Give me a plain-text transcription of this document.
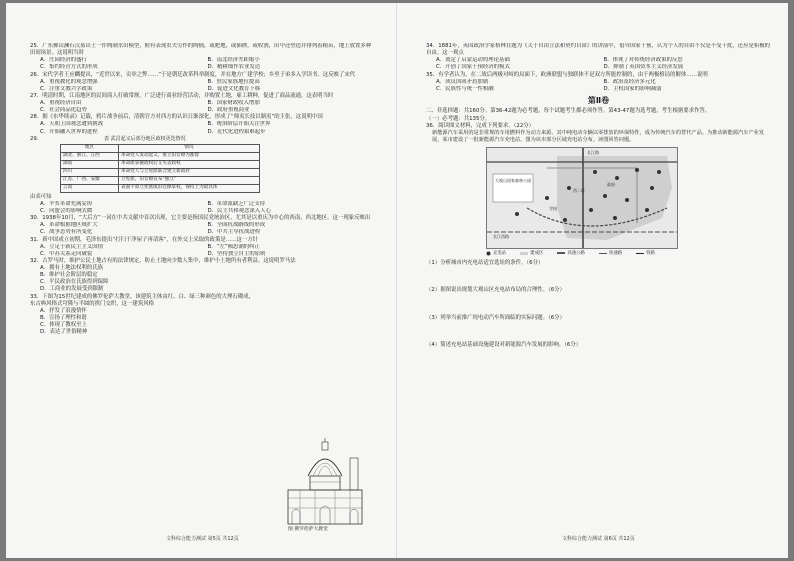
25．广东佛山澜石汉墓出土一件陶制水田模型，附有表现农夫劳作的陶俑，或耙地，或插秧，或收割，田中还塑造并排列着粮苗，地上放置多种田间场景。这说明当时

A．庄园经济的盛行	B．南北经济差距缩小
C．集约经营方式的形成	D．精耕细作农业发达

26．宋代学者王应麟提出，“近世以来，贡举之弊……”于是朝廷改革科举制度，并在地方广建学校；乡里子弟多入学读书。这反映了宋代

A．重视教化的观念增强	B．庶民家族地位提高
C．注重文教兴学政策	D．促进文化教育下移

27．明清时期，江南地区的民间商人打破常规，广泛进行商业经营活动，并购置土地，雇工耕种，促进了商品流通。这表明当时

A．重视经济自由	B．国家财政收入增加
C．社会商品化趋势	D．政府重视商业

28．据《东华续录》记载，鸦片战争前后，清朝官方对西方的认识日渐深化，形成了“师夷长技以制夷”的主张，这说明中国

A．天朝上国观念遭到挑战	B．统治阶层开始关注世界
C．开始融入世界的进程	D．近代化进程艰难起步

29．	表 武昌起义后部分地区政权更迭情况

地区	情况
湖北、浙江、江西	革命党人发动起义，推立旧官僚为都督
湖南	革命派掌握政权后又失去政权
四川	革命党人与立宪派联合建立新政府
江苏、广西、安徽	立宪派、旧官僚宣布“独立”
云南	表面不算立宪派或旧官僚掌权，保持上为最具体

由表可知

A．辛亥革命充满妥协	B．革命派缺乏广泛支持
C．同盟会的影响式微	D．民主共和观念深入人心

30．1938年10月，“大后方”一词在中共文献中首次出现，它主要是指国民党统治区，尤其是以重庆为中心的西南、西北地区。这一现象反映出

A．革命根据地区域扩大	B．全面抗战路线的形成
C．战争态势有所变化	D．中共主导抗战进程

31．新中国成立初期，毛泽东提出“打扫干净屋子再请客”，在外交上采取的政策是……这一方针

A．立足于新民主主义国情	B．“左”倾思潮的纠正
C．中苏关系走向破裂	D．坚持独立自主的原则

32．古罗马时，维护公民土地占有的法律规定，防止土地向少数人集中，维护小土地所有者利益。这说明罗马法

A．拥有土地法权利的氏族
B．维护社会阶层的稳定
C．平民政治在氏族得到保障
D．工商业的发展受到限制

33．下图为15世纪建成的佛罗伦萨大教堂，该建筑主体由红、白、绿三种颜色的大理石砌成，东古典风格式穹隆与半圆的拱门交织，这一建筑风格

A．抒发了浪漫情怀
B．宣扬了理性和谐
C．体现了教权至上
D．表达了世俗精神
图 佛罗伦萨大教堂
文科综合能力测试 第5页 共12页

34．1881年，英国政治学家格林在题为《关于自由立法和契约自由》的讲演中，倡导国家干预，认为个人的自由不仅是不受干扰，还应是积极的自由。这一观点

A．奠定了启蒙运动的理论基础	B．体现了对传统经济政策的反思
C．开创了国家干预经济的模式	D．抑制了英国资本主义经济发展

35．有学者认为，在二战后两极对峙的局面下，欧洲联盟与独联体不是双方所能控制的，由于两极格局的解体……说明

A．成员国间矛盾加剧	B．政治及经济多元化
C．民族性与统一性相融	D．主权国家的影响减弱
第Ⅱ卷

二、非选择题：共160分。第36-42题为必考题，每个试题考生都必须作答。第43-47题为选考题，考生根据要求作答。

（一）必考题：共135分。

36．阅读图文材料，完成下列要求。（22分）

新能源汽车采用的是非常规的车用燃料作为动力来源。其中纯电动车辆以零排放的环保特性，成为传统汽车的替代产品。为推动新能源汽车产业发展，某市建设了一批新能源汽车充电站。图为该市部分区域充电站分布。读图回答问题。

长江路
大观山国家森林公园
西二环
政府
学校
长江西路
充电站	建成区	高速公路	快速路	铁路

（1）分析城市内充电站适宜选址的条件。（6分）

（2）据图说出规划大观山区充电站布局的合理性。（6分）

（3）列举当前推广纯电动汽车所面临的实际问题。（6分）

（4）简述充电站基础设施建设对新能源汽车发展的影响。（6分）

文科综合能力测试 第6页 共12页
